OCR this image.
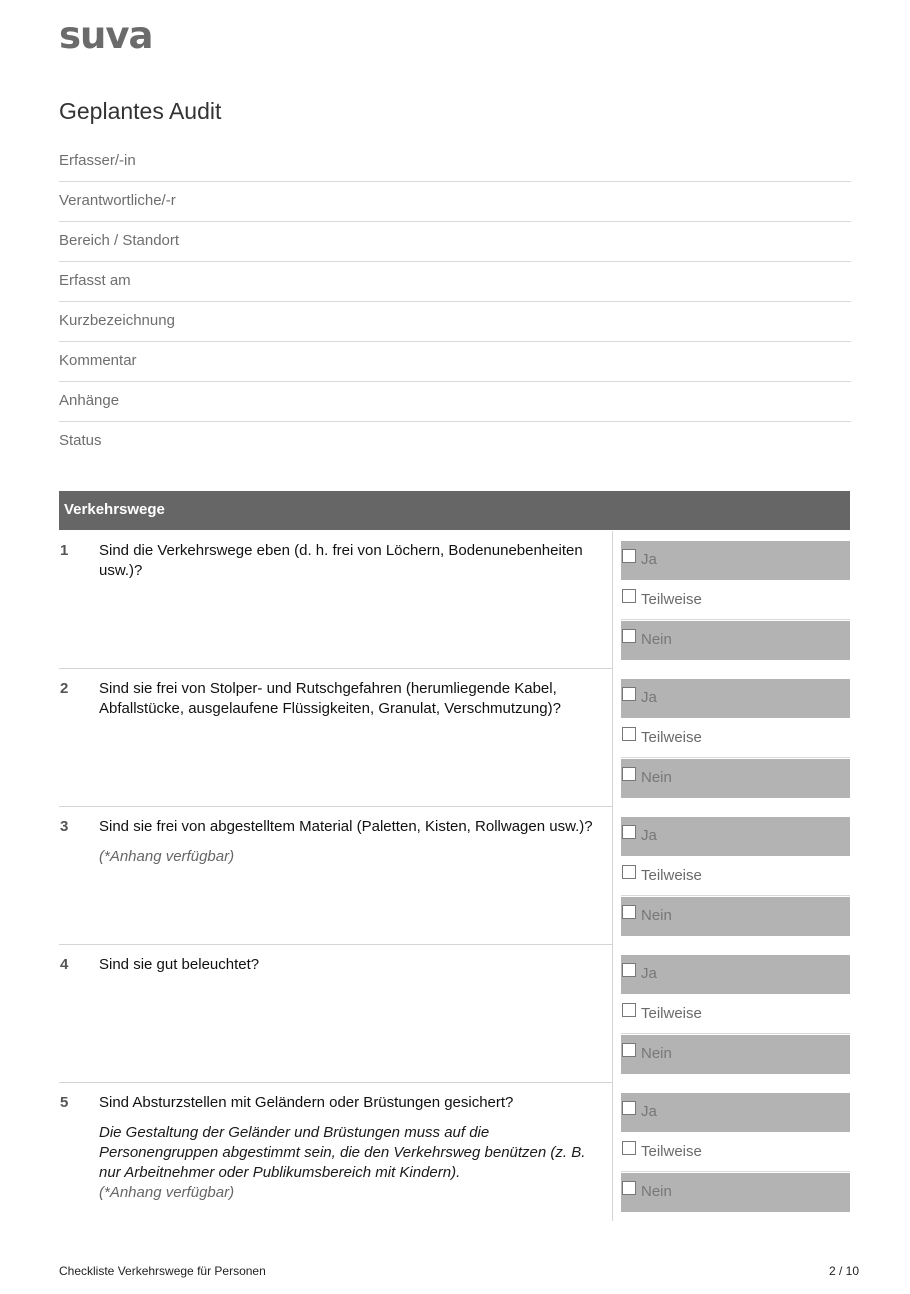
suva
Geplantes Audit
Erfasser/-in
Verantwortliche/-r
Bereich / Standort
Erfasst am
Kurzbezeichnung
Kommentar
Anhänge
Status
Verkehrswege
1 Sind die Verkehrswege eben (d. h. frei von Löchern, Bodenunebenheiten usw.)?
Ja
Teilweise
Nein
2 Sind sie frei von Stolper- und Rutschgefahren (herumliegende Kabel, Abfallstücke, ausgelaufene Flüssigkeiten, Granulat, Verschmutzung)?
Ja
Teilweise
Nein
3 Sind sie frei von abgestelltem Material (Paletten, Kisten, Rollwagen usw.)?
(*Anhang verfügbar)
Ja
Teilweise
Nein
4 Sind sie gut beleuchtet?
Ja
Teilweise
Nein
5 Sind Absturzstellen mit Geländern oder Brüstungen gesichert?
Die Gestaltung der Geländer und Brüstungen muss auf die Personengruppen abgestimmt sein, die den Verkehrsweg benützen (z. B. nur Arbeitnehmer oder Publikumsbereich mit Kindern).
(*Anhang verfügbar)
Ja
Teilweise
Nein
Checkliste Verkehrswege für Personen	2 / 10
